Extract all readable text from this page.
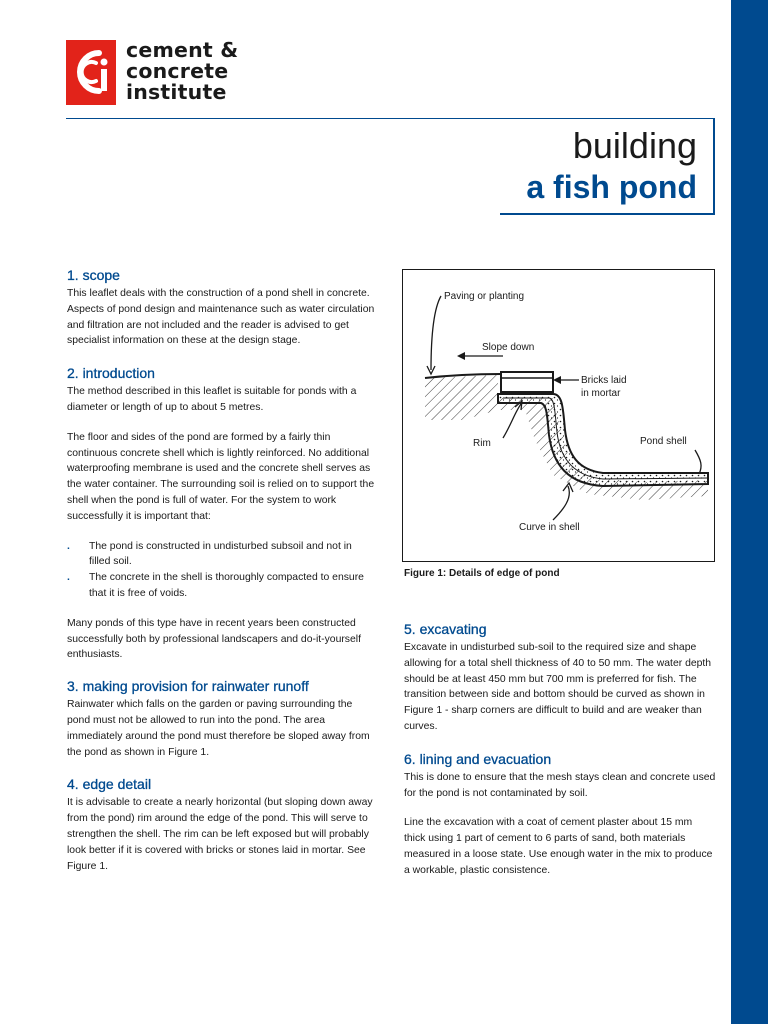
cement &
concrete
institute
building
a fish pond
1. scope

This leaflet deals with the construction of a pond shell in concrete. Aspects of pond design and maintenance such as water circulation and filtration are not included and the reader is advised to get specialist information on these at the design stage.

2. introduction

The method described in this leaflet is suitable for ponds with a diameter or length of up to about 5 metres.

The floor and sides of the pond are formed by a fairly thin continuous concrete shell which is lightly reinforced. No additional waterproofing membrane is used and the concrete shell serves as the water container. The surrounding soil is relied on to support the shell when the pond is full of water. For the system to work successfully it is important that:

. The pond is constructed in undisturbed subsoil and not in filled soil.
. The concrete in the shell is thoroughly compacted to ensure that it is free of voids.

Many ponds of this type have in recent years been constructed successfully both by professional landscapers and do-it-yourself enthusiasts.

3. making provision for rainwater runoff

Rainwater which falls on the garden or paving surrounding the pond must not be allowed to run into the pond. The area immediately around the pond must therefore be sloped away from the pond as shown in Figure 1.

4. edge detail

It is advisable to create a nearly horizontal (but sloping down away from the pond) rim around the edge of the pond. This will serve to strengthen the shell. The rim can be left exposed but will probably look better if it is covered with bricks or stones laid in mortar. See Figure 1.

Paving or planting
Slope down
Bricks laid
in mortar
Rim	Pond shell
Curve in shell
Figure 1: Details of edge of pond
5. excavating

Excavate in undisturbed sub-soil to the required size and shape allowing for a total shell thickness of 40 to 50 mm. The water depth should be at least 450 mm but 700 mm is preferred for fish. The transition between side and bottom should be curved as shown in Figure 1 - sharp corners are difficult to build and are weaker than curves.

6. lining and evacuation

This is done to ensure that the mesh stays clean and concrete used for the pond is not contaminated by soil.

Line the excavation with a coat of cement plaster about 15 mm thick using 1 part of cement to 6 parts of sand, both materials measured in a loose state. Use enough water in the mix to produce a workable, plastic consistence.
